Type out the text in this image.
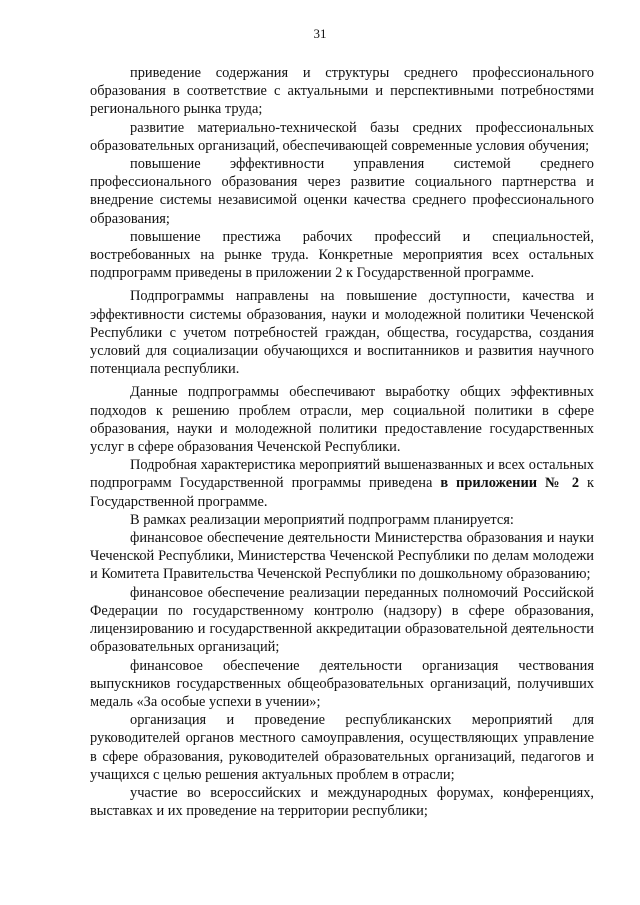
31

приведение содержания и структуры среднего профессионального образования в соответствие с актуальными и перспективными потребностями регионального рынка труда;

развитие материально-технической базы средних профессиональных образовательных организаций, обеспечивающей современные условия обучения;

повышение эффективности управления системой среднего профессионального образования через развитие социального партнерства и внедрение системы независимой оценки качества среднего профессионального образования;

повышение престижа рабочих профессий и специальностей, востребованных на рынке труда. Конкретные мероприятия всех остальных подпрограмм приведены в приложении 2 к Государственной программе.

Подпрограммы направлены на повышение доступности, качества и эффективности системы образования, науки и молодежной политики Чеченской Республики с учетом потребностей граждан, общества, государства, создания условий для социализации обучающихся и воспитанников и развития научного потенциала республики.

Данные подпрограммы обеспечивают выработку общих эффективных подходов к решению проблем отрасли, мер социальной политики в сфере образования, науки и молодежной политики предоставление государственных услуг в сфере образования Чеченской Республики.

Подробная характеристика мероприятий вышеназванных и всех остальных подпрограмм Государственной программы приведена в приложении № 2 к Государственной программе.

В рамках реализации мероприятий подпрограмм планируется:

финансовое обеспечение деятельности Министерства образования и науки Чеченской Республики, Министерства Чеченской Республики по делам молодежи и Комитета Правительства Чеченской Республики по дошкольному образованию;

финансовое обеспечение реализации переданных полномочий Российской Федерации по государственному контролю (надзору) в сфере образования, лицензированию и государственной аккредитации образовательной деятельности образовательных организаций;

финансовое обеспечение деятельности организация чествования выпускников государственных общеобразовательных организаций, получивших медаль «За особые успехи в учении»;

организация и проведение республиканских мероприятий для руководителей органов местного самоуправления, осуществляющих управление в сфере образования, руководителей образовательных организаций, педагогов и учащихся с целью решения актуальных проблем в отрасли;

участие во всероссийских и международных форумах, конференциях, выставках и их проведение на территории республики;
